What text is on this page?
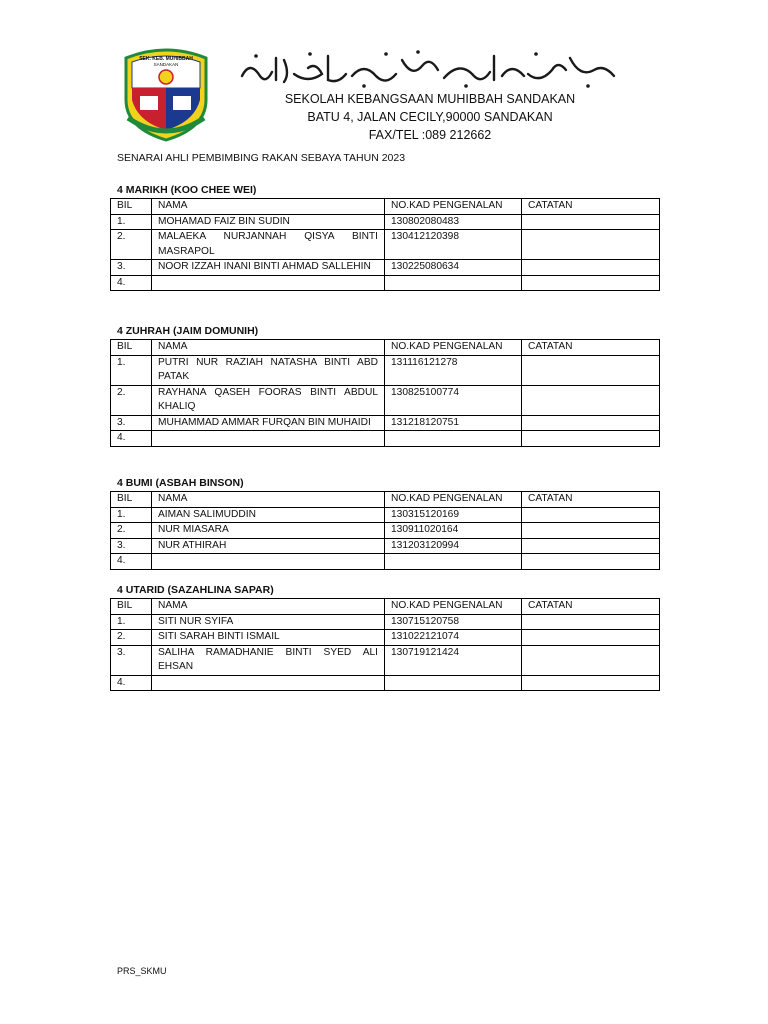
SEK. KEB. MUHIBBAH
SANDAKAN
SEKOLAH KEBANGSAAN MUHIBBAH SANDAKAN
BATU 4, JALAN CECILY,90000 SANDAKAN
FAX/TEL :089 212662
SENARAI AHLI PEMBIMBING RAKAN SEBAYA TAHUN 2023
4 MARIKH (KOO CHEE WEI)
BIL	NAMA	NO.KAD PENGENALAN	CATATAN
1.	MOHAMAD FAIZ BIN SUDIN	130802080483	
2.	MALAEKA NURJANNAH QISYA BINTI MASRAPOL	130412120398	
3.	NOOR IZZAH INANI BINTI AHMAD SALLEHIN	130225080634	
4.			
4 ZUHRAH (JAIM DOMUNIH)
BIL	NAMA	NO.KAD PENGENALAN	CATATAN
1.	PUTRI NUR RAZIAH NATASHA BINTI ABD PATAK	131116121278	
2.	RAYHANA QASEH FOORAS BINTI ABDUL KHALIQ	130825100774	
3.	MUHAMMAD AMMAR FURQAN BIN MUHAIDI	131218120751	
4.			
4 BUMI (ASBAH BINSON)
BIL	NAMA	NO.KAD PENGENALAN	CATATAN
1.	AIMAN SALIMUDDIN	130315120169	
2.	NUR MIASARA	130911020164	
3.	NUR ATHIRAH	131203120994	
4.			
4 UTARID (SAZAHLINA SAPAR)
BIL	NAMA	NO.KAD PENGENALAN	CATATAN
1.	SITI NUR SYIFA	130715120758	
2.	SITI SARAH BINTI ISMAIL	131022121074	
3.	SALIHA RAMADHANIE BINTI SYED ALI EHSAN	130719121424	
4.			
PRS_SKMU
